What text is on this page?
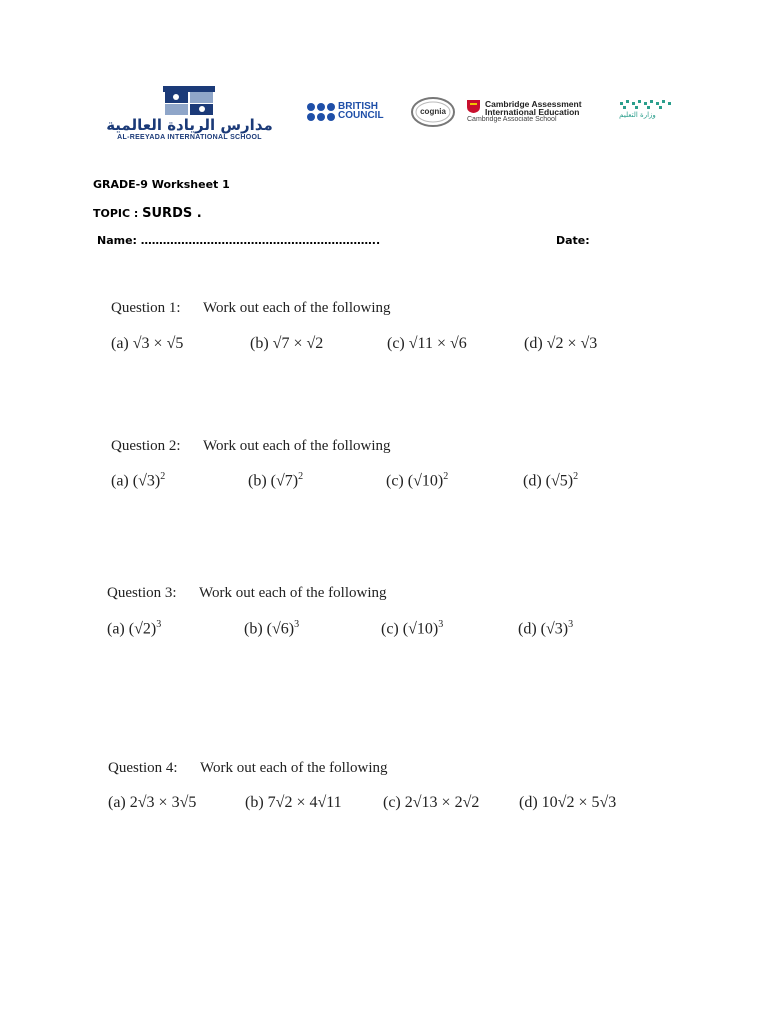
مدارس الريادة العالمية
AL-REEYADA INTERNATIONAL SCHOOL
BRITISH
COUNCIL	cognia
Cambridge Assessment
International Education
Cambridge Associate School
وزارة التعليم
GRADE-9 Worksheet 1
TOPIC : SURDS .
Name: ………………………………………………………..	Date:
Question 1: Work out each of the following
(a) √3 × √5	(b) √7 × √2	(c) √11 × √6	(d) √2 × √3
Question 2: Work out each of the following
(a) $(√3)^2$	(b) $(√7)^2$	(c) $(√10)^2$	(d) $(√5)^2$
Question 3: Work out each of the following
(a) $(√2)^3$	(b) $(√6)^3$	(c) $(√10)^3$	(d) $(√3)^3$
Question 4: Work out each of the following
(a) 2√3 × 3√5	(b) 7√2 × 4√11	(c) 2√13 × 2√2 (d) 10√2 × 5√3
